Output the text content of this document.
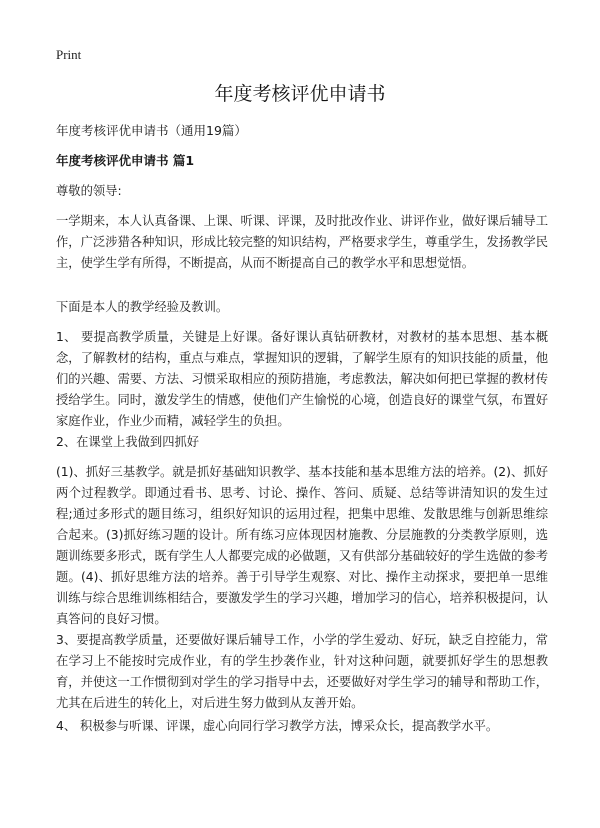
Print
年度考核评优申请书
年度考核评优申请书（通用19篇）
年度考核评优申请书 篇1

尊敬的领导:

一学期来，本人认真备课、上课、听课、评课，及时批改作业、讲评作业，做好课后辅导工作，广泛涉猎各种知识，形成比较完整的知识结构，严格要求学生，尊重学生，发扬教学民主，使学生学有所得，不断提高，从而不断提高自己的教学水平和思想觉悟。

下面是本人的教学经验及教训。

1、 要提高教学质量，关键是上好课。备好课认真钻研教材，对教材的基本思想、基本概念，了解教材的结构，重点与难点，掌握知识的逻辑，了解学生原有的知识技能的质量，他们的兴趣、需要、方法、习惯采取相应的预防措施，考虑教法，解决如何把已掌握的教材传授给学生。同时，激发学生的情感，使他们产生愉悦的心境，创造良好的课堂气氛，布置好家庭作业，作业少而精，减轻学生的负担。

2、在课堂上我做到四抓好

(1)、抓好三基教学。就是抓好基础知识教学、基本技能和基本思维方法的培养。(2)、抓好两个过程教学。即通过看书、思考、讨论、操作、答问、质疑、总结等讲清知识的发生过程;通过多形式的题目练习，组织好知识的运用过程，把集中思维、发散思维与创新思维综合起来。(3)抓好练习题的设计。所有练习应体现因材施教、分层施教的分类教学原则，选题训练要多形式，既有学生人人都要完成的必做题，又有供部分基础较好的学生选做的参考题。(4)、抓好思维方法的培养。善于引导学生观察、对比、操作主动探求，要把单一思维训练与综合思维训练相结合，要激发学生的学习兴趣，增加学习的信心，培养积极提问，认真答问的良好习惯。

3、要提高教学质量，还要做好课后辅导工作，小学的学生爱动、好玩，缺乏自控能力，常在学习上不能按时完成作业，有的学生抄袭作业，针对这种问题，就要抓好学生的思想教育，并使这一工作惯彻到对学生的学习指导中去，还要做好对学生学习的辅导和帮助工作，尤其在后进生的转化上，对后进生努力做到从友善开始。

4、 积极参与听课、评课，虚心向同行学习教学方法，博采众长，提高教学水平。
